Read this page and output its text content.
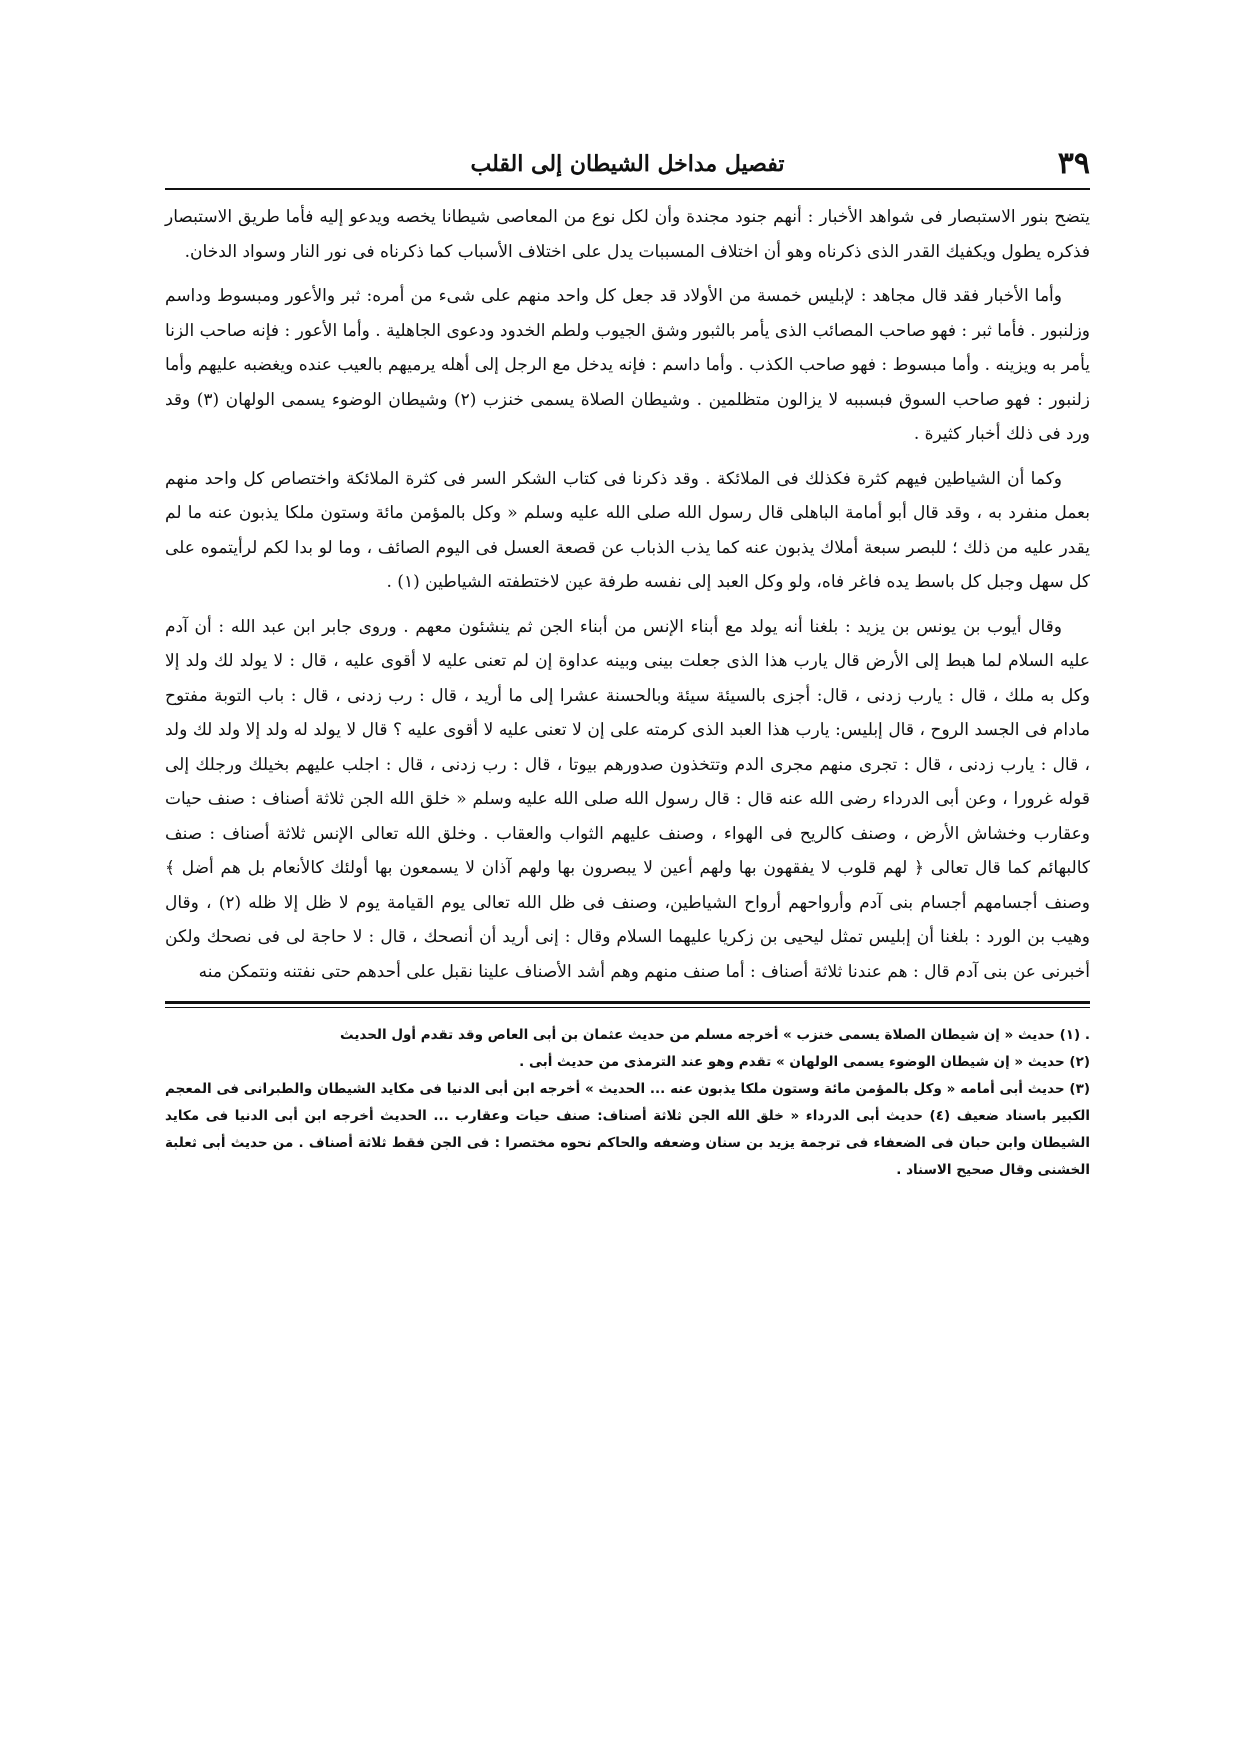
تفصيل مداخل الشيطان إلى القلب	٣٩

يتضح بنور الاستبصار فى شواهد الأخبار : أنهم جنود مجندة وأن لكل نوع من المعاصى شيطانا يخصه ويدعو إليه فأما طريق الاستبصار فذكره يطول ويكفيك القدر الذى ذكرناه وهو أن اختلاف المسببات يدل على اختلاف الأسباب كما ذكرناه فى نور النار وسواد الدخان.

وأما الأخبار فقد قال مجاهد : لإبليس خمسة من الأولاد قد جعل كل واحد منهم على شىء من أمره: ثبر والأعور ومبسوط وداسم وزلنبور . فأما ثبر : فهو صاحب المصائب الذى يأمر بالثبور وشق الجيوب ولطم الخدود ودعوى الجاهلية . وأما الأعور : فإنه صاحب الزنا يأمر به ويزينه . وأما مبسوط : فهو صاحب الكذب . وأما داسم : فإنه يدخل مع الرجل إلى أهله يرميهم بالعيب عنده ويغضبه عليهم وأما زلنبور : فهو صاحب السوق فبسببه لا يزالون متظلمين . وشيطان الصلاة يسمى خنزب (٢) وشيطان الوضوء يسمى الولهان (٣) وقد ورد فى ذلك أخبار كثيرة .

وكما أن الشياطين فيهم كثرة فكذلك فى الملائكة . وقد ذكرنا فى كتاب الشكر السر فى كثرة الملائكة واختصاص كل واحد منهم بعمل منفرد به ، وقد قال أبو أمامة الباهلى قال رسول الله صلى الله عليه وسلم « وكل بالمؤمن مائة وستون ملكا يذبون عنه ما لم يقدر عليه من ذلك ؛ للبصر سبعة أملاك يذبون عنه كما يذب الذباب عن قصعة العسل فى اليوم الصائف ، وما لو بدا لكم لرأيتموه على كل سهل وجبل كل باسط يده فاغر فاه، ولو وكل العبد إلى نفسه طرفة عين لاختطفته الشياطين (١) .

وقال أيوب بن يونس بن يزيد : بلغنا أنه يولد مع أبناء الإنس من أبناء الجن ثم ينشئون معهم . وروى جابر ابن عبد الله : أن آدم عليه السلام لما هبط إلى الأرض قال يارب هذا الذى جعلت بينى وبينه عداوة إن لم تعنى عليه لا أقوى عليه ، قال : لا يولد لك ولد إلا وكل به ملك ، قال : يارب زدنى ، قال: أجزى بالسيئة سيئة وبالحسنة عشرا إلى ما أريد ، قال : رب زدنى ، قال : باب التوبة مفتوح مادام فى الجسد الروح ، قال إبليس: يارب هذا العبد الذى كرمته على إن لا تعنى عليه لا أقوى عليه ؟ قال لا يولد له ولد إلا ولد لك ولد ، قال : يارب زدنى ، قال : تجرى منهم مجرى الدم وتتخذون صدورهم بيوتا ، قال : رب زدنى ، قال : اجلب عليهم بخيلك ورجلك إلى قوله غرورا ، وعن أبى الدرداء رضى الله عنه قال : قال رسول الله صلى الله عليه وسلم « خلق الله الجن ثلاثة أصناف : صنف حيات وعقارب وخشاش الأرض ، وصنف كالريح فى الهواء ، وصنف عليهم الثواب والعقاب . وخلق الله تعالى الإنس ثلاثة أصناف : صنف كالبهائم كما قال تعالى ﴿ لهم قلوب لا يفقهون بها ولهم أعين لا يبصرون بها ولهم آذان لا يسمعون بها أولئك كالأنعام بل هم أضل ﴾ وصنف أجسامهم أجسام بنى آدم وأرواحهم أرواح الشياطين، وصنف فى ظل الله تعالى يوم القيامة يوم لا ظل إلا ظله (٢) ، وقال وهيب بن الورد : بلغنا أن إبليس تمثل ليحيى بن زكريا عليهما السلام وقال : إنى أريد أن أنصحك ، قال : لا حاجة لى فى نصحك ولكن أخبرنى عن بنى آدم قال : هم عندنا ثلاثة أصناف : أما صنف منهم وهم أشد الأصناف علينا نقبل على أحدهم حتى نفتنه ونتمكن منه

. (١) حديث « إن شيطان الصلاة يسمى خنزب » أخرجه مسلم من حديث عثمان بن أبى العاص وقد تقدم أول الحديث

(٢) حديث « إن شيطان الوضوء يسمى الولهان » تقدم وهو عند الترمذى من حديث أبى .

(٣) حديث أبى أمامه « وكل بالمؤمن مائة وستون ملكا يذبون عنه ... الحديث » أخرجه ابن أبى الدنيا فى مكايد الشيطان والطبرانى فى المعجم الكبير باسناد ضعيف (٤) حديث أبى الدرداء « خلق الله الجن ثلاثة أصناف: صنف حيات وعقارب ... الحديث أخرجه ابن أبى الدنيا فى مكايد الشيطان وابن حبان فى الضعفاء فى ترجمة يزيد بن سنان وضعفه والحاكم نحوه مختصرا : فى الجن فقط ثلاثة أصناف . من حديث أبى ثعلبة الخشنى وقال صحيح الاسناد .
